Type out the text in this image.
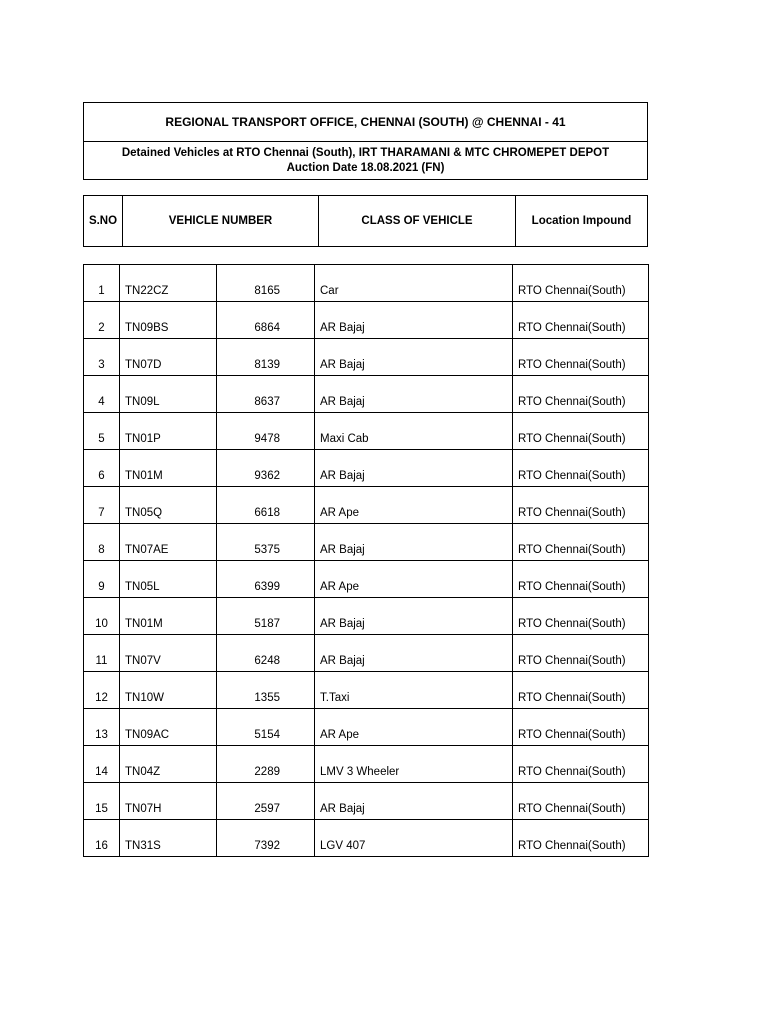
REGIONAL TRANSPORT OFFICE, CHENNAI (SOUTH) @ CHENNAI - 41
Detained Vehicles at RTO Chennai (South), IRT THARAMANI & MTC CHROMEPET DEPOT
Auction Date 18.08.2021 (FN)
S.NO	VEHICLE NUMBER	CLASS OF VEHICLE	Location Impound
1	TN22CZ	8165	Car	RTO Chennai(South)
2	TN09BS	6864	AR Bajaj	RTO Chennai(South)
3	TN07D	8139	AR Bajaj	RTO Chennai(South)
4	TN09L	8637	AR Bajaj	RTO Chennai(South)
5	TN01P	9478	Maxi Cab	RTO Chennai(South)
6	TN01M	9362	AR Bajaj	RTO Chennai(South)
7	TN05Q	6618	AR Ape	RTO Chennai(South)
8	TN07AE	5375	AR Bajaj	RTO Chennai(South)
9	TN05L	6399	AR Ape	RTO Chennai(South)
10	TN01M	5187	AR Bajaj	RTO Chennai(South)
11	TN07V	6248	AR Bajaj	RTO Chennai(South)
12	TN10W	1355	T.Taxi	RTO Chennai(South)
13	TN09AC	5154	AR Ape	RTO Chennai(South)
14	TN04Z	2289	LMV 3 Wheeler	RTO Chennai(South)
15	TN07H	2597	AR Bajaj	RTO Chennai(South)
16	TN31S	7392	LGV 407	RTO Chennai(South)
